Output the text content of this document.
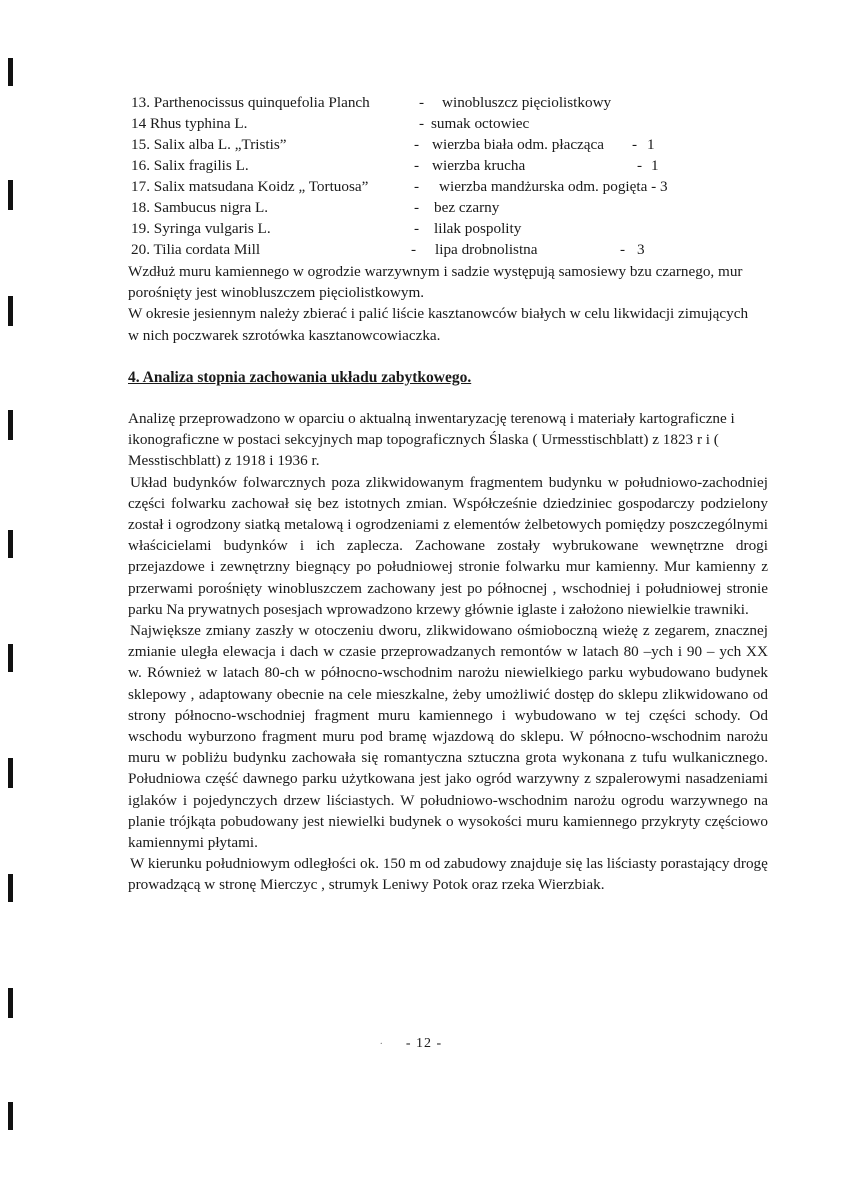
13. Parthenocissus quinquefolia Planch	- winobluszcz pięciolistkowy
14 Rhus typhina L.	- sumak octowiec
15. Salix alba L. „Tristis”	- wierzba biała odm. płacząca - 1
16. Salix fragilis L.	- wierzba krucha	- 1
17. Salix matsudana Koidz „ Tortuosa”	- wierzba mandżurska odm. pogięta - 3
18. Sambucus nigra L.	- bez czarny
19. Syringa vulgaris L.	- lilak pospolity
20. Tilia cordata Mill	- lipa drobnolistna	- 3

Wzdłuż muru kamiennego w ogrodzie warzywnym i sadzie występują samosiewy bzu czarnego, mur porośnięty jest winobluszczem pięciolistkowym.

W okresie jesiennym należy zbierać i palić liście kasztanowców białych w celu likwidacji zimujących w nich poczwarek szrotówka kasztanowcowiaczka.

4. Analiza stopnia zachowania układu zabytkowego.

Analizę przeprowadzono w oparciu o aktualną inwentaryzację terenową i materiały kartograficzne i ikonograficzne w postaci sekcyjnych map topograficznych Ślaska ( Urmesstischblatt) z 1823 r i ( Messtischblatt) z 1918 i 1936 r.

Układ budynków folwarcznych poza zlikwidowanym fragmentem budynku w południowo-zachodniej części folwarku zachował się bez istotnych zmian. Współcześnie dziedziniec gospodarczy podzielony został i ogrodzony siatką metalową i ogrodzeniami z elementów żelbetowych pomiędzy poszczególnymi właścicielami budynków i ich zaplecza. Zachowane zostały wybrukowane wewnętrzne drogi przejazdowe i zewnętrzny biegnący po południowej stronie folwarku mur kamienny. Mur kamienny z przerwami porośnięty winobluszczem zachowany jest po północnej , wschodniej i południowej stronie parku Na prywatnych posesjach wprowadzono krzewy głównie iglaste i założono niewielkie trawniki.

Największe zmiany zaszły w otoczeniu dworu, zlikwidowano ośmioboczną wieżę z zegarem, znacznej zmianie uległa elewacja i dach w czasie przeprowadzanych remontów w latach 80 –ych i 90 – ych XX w. Również w latach 80-ch w północno-wschodnim narożu niewielkiego parku wybudowano budynek sklepowy , adaptowany obecnie na cele mieszkalne, żeby umożliwić dostęp do sklepu zlikwidowano od strony północno-wschodniej fragment muru kamiennego i wybudowano w tej części schody. Od wschodu wyburzono fragment muru pod bramę wjazdową do sklepu. W północno-wschodnim narożu muru w pobliżu budynku zachowała się romantyczna sztuczna grota wykonana z tufu wulkanicznego. Południowa część dawnego parku użytkowana jest jako ogród warzywny z szpalerowymi nasadzeniami iglaków i pojedynczych drzew liściastych. W południowo-wschodnim narożu ogrodu warzywnego na planie trójkąta pobudowany jest niewielki budynek o wysokości muru kamiennego przykryty częściowo kamiennymi płytami.

W kierunku południowym odległości ok. 150 m od zabudowy znajduje się las liściasty porastający drogę prowadzącą w stronę Mierczyc , strumyk Leniwy Potok oraz rzeka Wierzbiak.

. - 12 -
